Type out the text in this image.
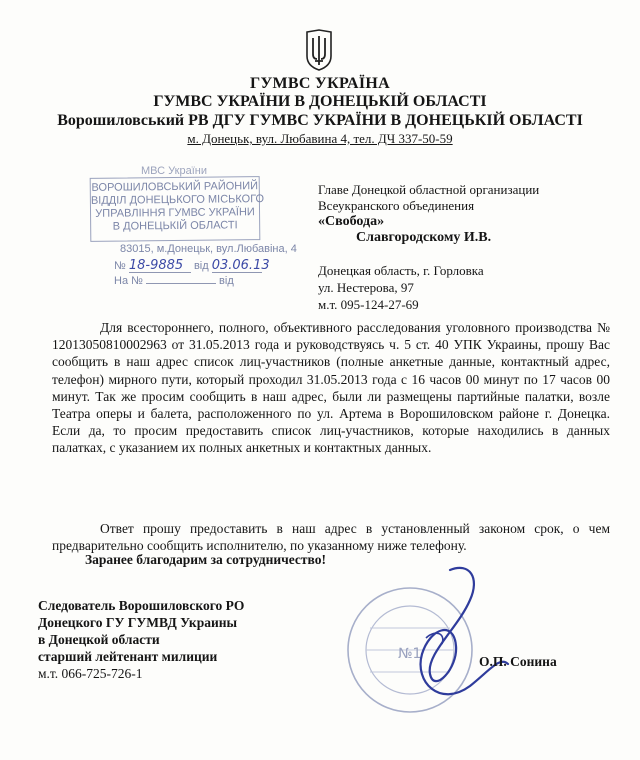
ГУМВС УКРАЇНА
ГУМВС УКРАЇНИ В ДОНЕЦЬКІЙ ОБЛАСТІ
Ворошиловський РВ ДГУ ГУМВС УКРАЇНИ В ДОНЕЦЬКІЙ ОБЛАСТІ
м. Донецьк, вул. Любавина 4, тел. ДЧ 337-50-59
МВС України
ВОРОШИЛОВСЬКИЙ РАЙОНИЙ
ВІДДІЛ ДОНЕЦЬКОГО МІСЬКОГО
УПРАВЛІННЯ ГУМВС УКРАЇНИ
В ДОНЕЦЬКІЙ ОБЛАСТІ
83015, м.Донецьк, вул.Любавіна, 4
№ 18-9885 від 03.06.13
На №	від
Главе Донецкой областной организации
Всеукранского объединения
«Свобода»
Славгородскому И.В.
Донецкая область, г. Горловка
ул. Нестерова, 97
м.т. 095-124-27-69

Для всестороннего, полного, объективного расследования уголовного производства № 12013050810002963 от 31.05.2013 года и руководствуясь ч. 5 ст. 40 УПК Украины, прошу Вас сообщить в наш адрес список лиц-участников (полные анкетные данные, контактный адрес, телефон) мирного пути, который проходил 31.05.2013 года с 16 часов 00 минут по 17 часов 00 минут. Так же просим сообщить в наш адрес, были ли размещены партийные палатки, возле Театра оперы и балета, расположенного по ул. Артема в Ворошиловском районе г. Донецка. Если да, то просим предоставить список лиц-участников, которые находились в данных палатках, с указанием их полных анкетных и контактных данных.

Ответ прошу предоставить в наш адрес в установленный законом срок, о чем предварительно сообщить исполнителю, по указанному ниже телефону.
Заранее благодарим за сотрудничество!
№1
Следователь Ворошиловского РО
Донецкого ГУ ГУМВД Украины
в Донецкой области
старший лейтенант милиции
м.т. 066-725-726-1
О.П. Сонина
